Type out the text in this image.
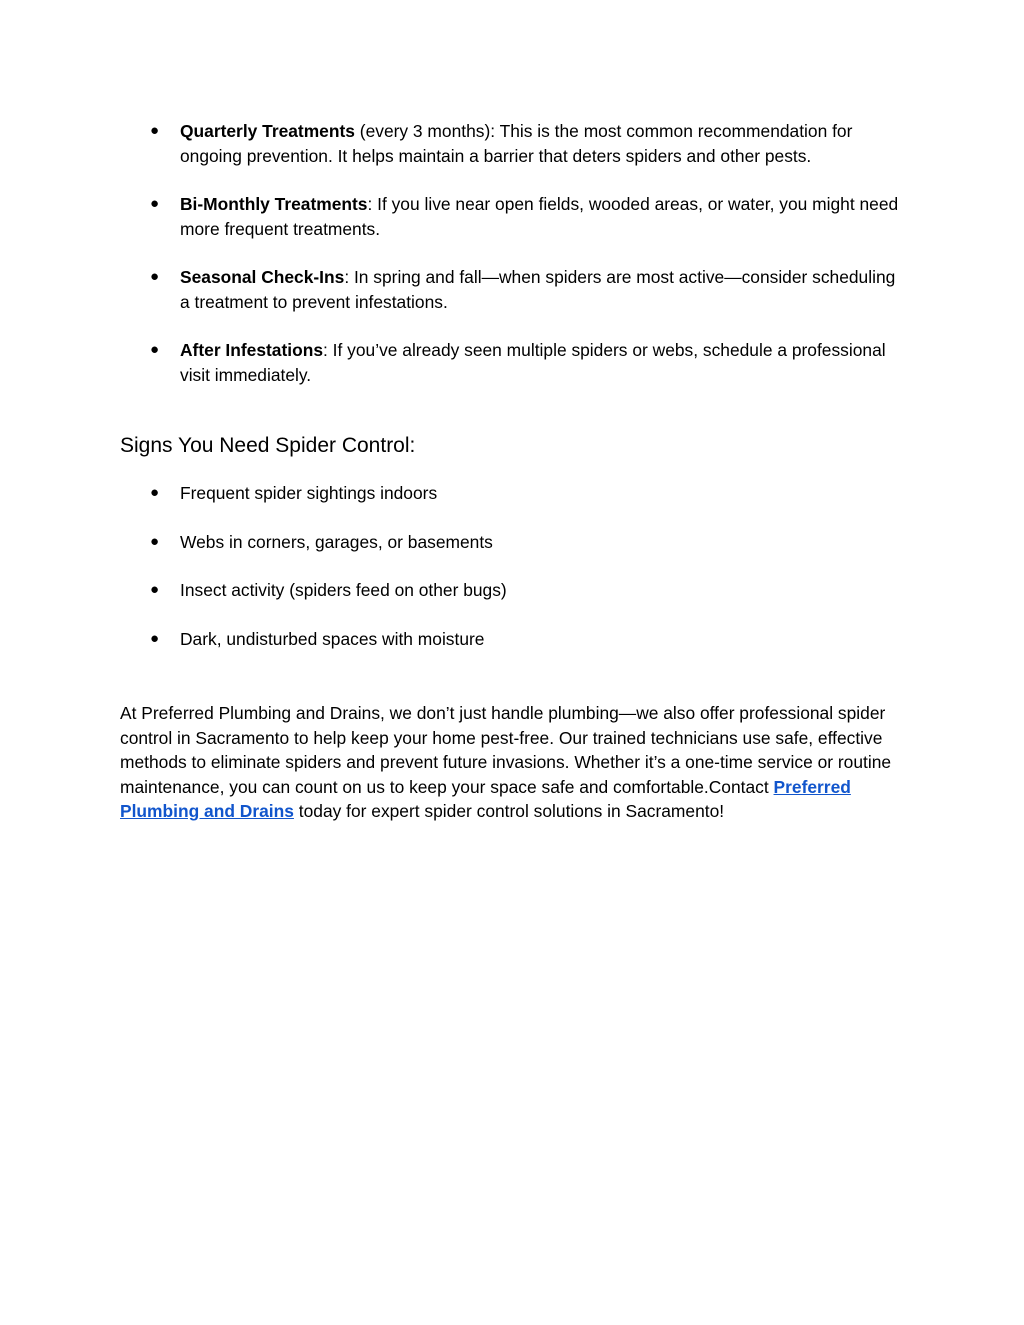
● Quarterly Treatments (every 3 months): This is the most common recommendation for ongoing prevention. It helps maintain a barrier that deters spiders and other pests.
● Bi-Monthly Treatments: If you live near open fields, wooded areas, or water, you might need more frequent treatments.
● Seasonal Check-Ins: In spring and fall—when spiders are most active—consider scheduling a treatment to prevent infestations.
● After Infestations: If you’ve already seen multiple spiders or webs, schedule a professional visit immediately.
Signs You Need Spider Control:
● Frequent spider sightings indoors
● Webs in corners, garages, or basements
● Insect activity (spiders feed on other bugs)
● Dark, undisturbed spaces with moisture

At Preferred Plumbing and Drains, we don’t just handle plumbing—we also offer professional spider control in Sacramento to help keep your home pest-free. Our trained technicians use safe, effective methods to eliminate spiders and prevent future invasions. Whether it’s a one-time service or routine maintenance, you can count on us to keep your space safe and comfortable.Contact Preferred Plumbing and Drains today for expert spider control solutions in Sacramento!
